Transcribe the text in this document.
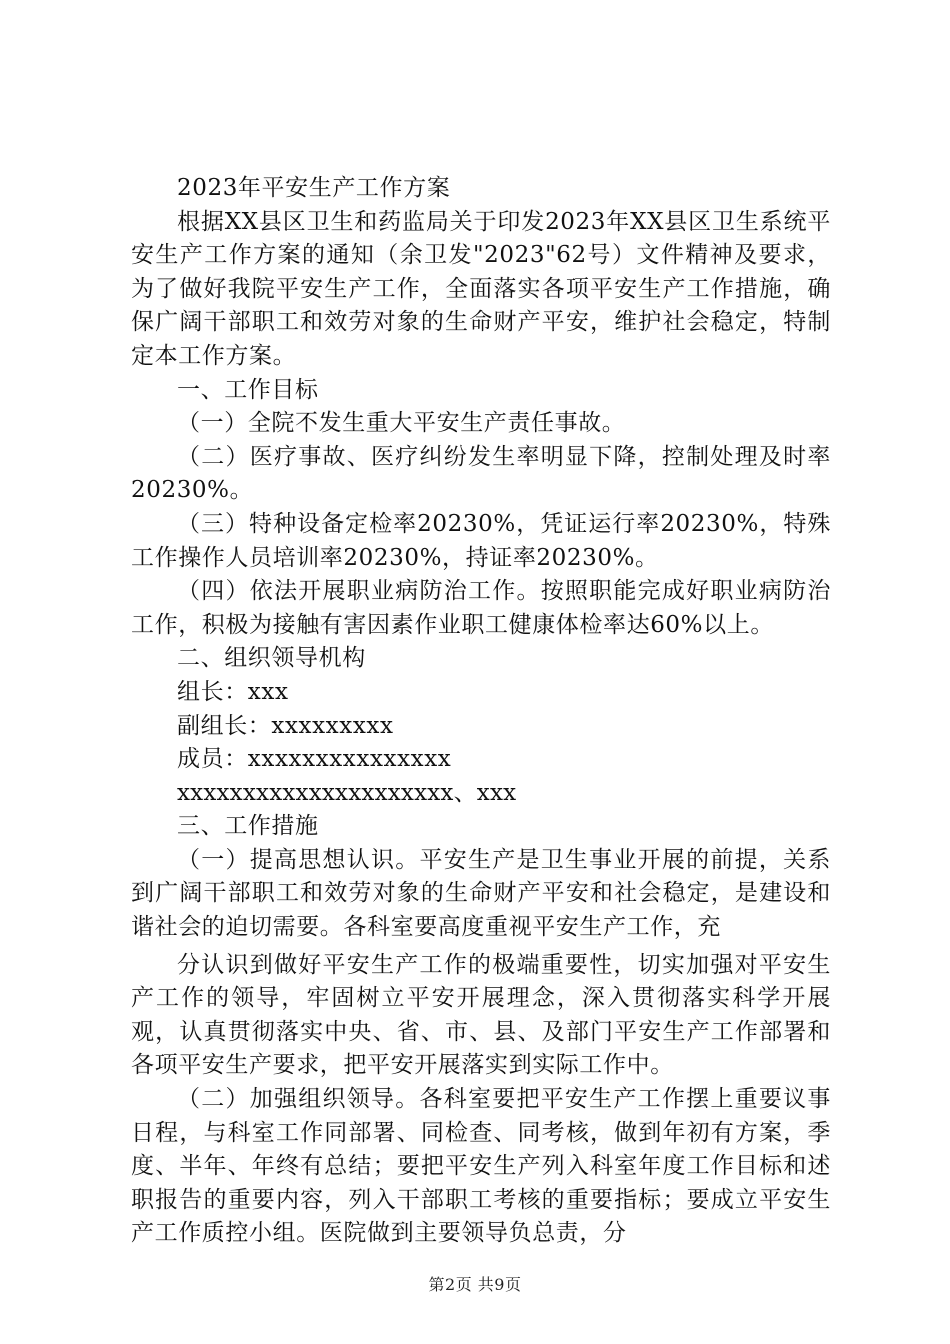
2023年平安生产工作方案

根据XX县区卫生和药监局关于印发2023年XX县区卫生系统平安生产工作方案的通知（余卫发"2023"62号）文件精神及要求，为了做好我院平安生产工作，全面落实各项平安生产工作措施，确保广阔干部职工和效劳对象的生命财产平安，维护社会稳定，特制定本工作方案。

一、工作目标

（一）全院不发生重大平安生产责任事故。

（二）医疗事故、医疗纠纷发生率明显下降，控制处理及时率20230%。

（三）特种设备定检率20230%，凭证运行率20230%，特殊工作操作人员培训率20230%，持证率20230%。

（四）依法开展职业病防治工作。按照职能完成好职业病防治工作，积极为接触有害因素作业职工健康体检率达60%以上。

二、组织领导机构

组长：xxx

副组长：xxxxxxxxx

成员：xxxxxxxxxxxxxxx

xxxxxxxxxxxxxxxxxxxxx、xxx

三、工作措施

（一）提高思想认识。平安生产是卫生事业开展的前提，关系到广阔干部职工和效劳对象的生命财产平安和社会稳定，是建设和谐社会的迫切需要。各科室要高度重视平安生产工作，充

分认识到做好平安生产工作的极端重要性，切实加强对平安生产工作的领导，牢固树立平安开展理念，深入贯彻落实科学开展观，认真贯彻落实中央、省、市、县、及部门平安生产工作部署和各项平安生产要求，把平安开展落实到实际工作中。

（二）加强组织领导。各科室要把平安生产工作摆上重要议事日程，与科室工作同部署、同检查、同考核，做到年初有方案，季度、半年、年终有总结；要把平安生产列入科室年度工作目标和述职报告的重要内容，列入干部职工考核的重要指标；要成立平安生产工作质控小组。医院做到主要领导负总责，分

第2页 共9页
